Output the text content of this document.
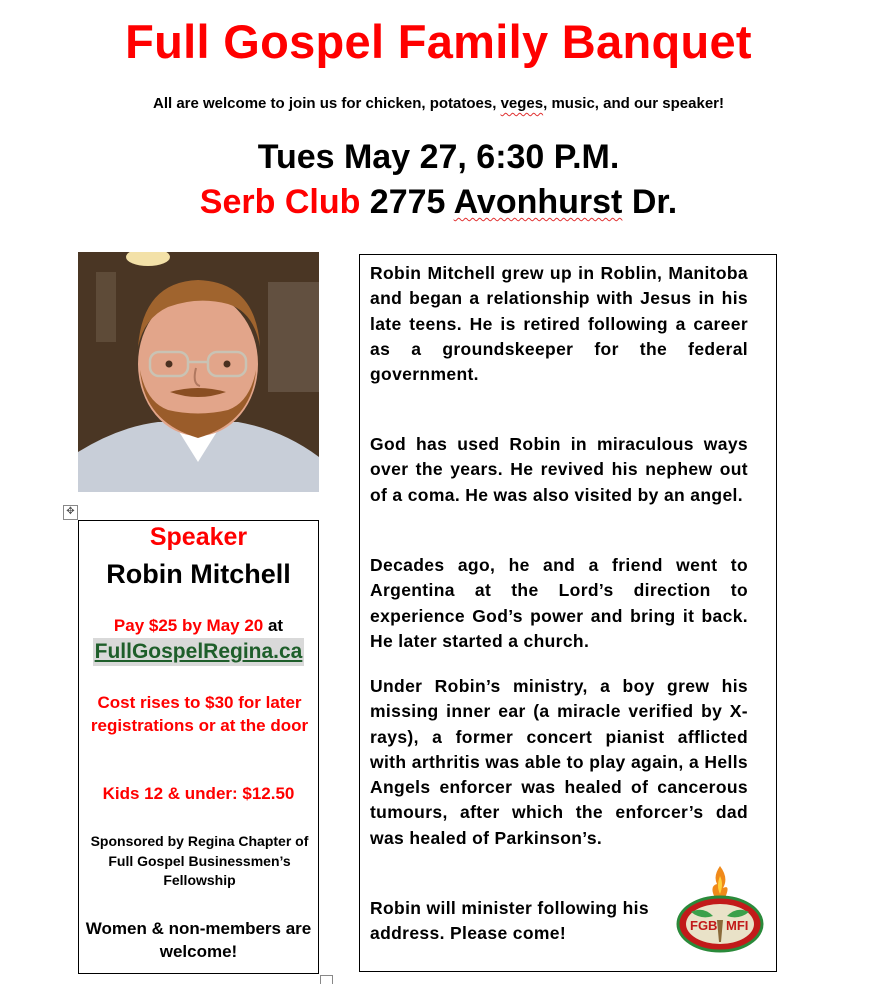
Full Gospel Family Banquet
All are welcome to join us for chicken, potatoes, veges, music, and our speaker!
Tues May 27, 6:30 P.M.
Serb Club 2775 Avonhurst Dr.
✥
Speaker
Robin Mitchell
Pay $25 by May 20 at
FullGospelRegina.ca
Cost rises to $30 for later registrations or at the door
Kids 12 & under: $12.50
Sponsored by Regina Chapter of Full Gospel Businessmen’s Fellowship
Women & non-members are welcome!
Robin Mitchell grew up in Roblin, Manitoba and began a relationship with Jesus in his late teens. He is retired following a career as a groundskeeper for the federal government.
God has used Robin in miraculous ways over the years. He revived his nephew out of a coma. He was also visited by an angel.
Decades ago, he and a friend went to Argentina at the Lord’s direction to experience God’s power and bring it back. He later started a church.
Under Robin’s ministry, a boy grew his missing inner ear (a miracle verified by X-rays), a former concert pianist afflicted with arthritis was able to play again, a Hells Angels enforcer was healed of cancerous tumours, after which the enforcer’s dad was healed of Parkinson’s.
Robin will minister following his address. Please come!	FGB MFI
